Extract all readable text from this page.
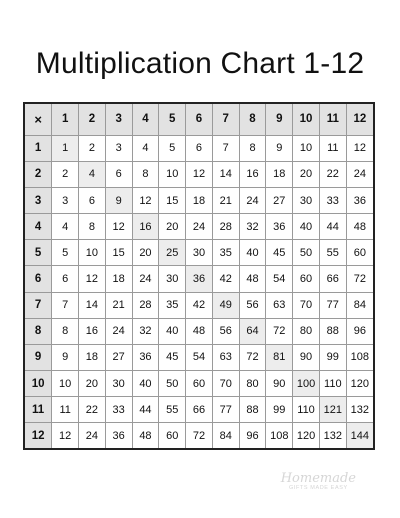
Multiplication Chart 1-12
×	1	2	3	4	5	6	7	8	9	10	11	12
1	1	2	3	4	5	6	7	8	9	10	11	12
2	2	4	6	8	10	12	14	16	18	20	22	24
3	3	6	9	12	15	18	21	24	27	30	33	36
4	4	8	12	16	20	24	28	32	36	40	44	48
5	5	10	15	20	25	30	35	40	45	50	55	60
6	6	12	18	24	30	36	42	48	54	60	66	72
7	7	14	21	28	35	42	49	56	63	70	77	84
8	8	16	24	32	40	48	56	64	72	80	88	96
9	9	18	27	36	45	54	63	72	81	90	99	108
10	10	20	30	40	50	60	70	80	90	100	110	120
11	11	22	33	44	55	66	77	88	99	110	121	132
12	12	24	36	48	60	72	84	96	108	120	132	144
Homemade
GIFTS MADE EASY
